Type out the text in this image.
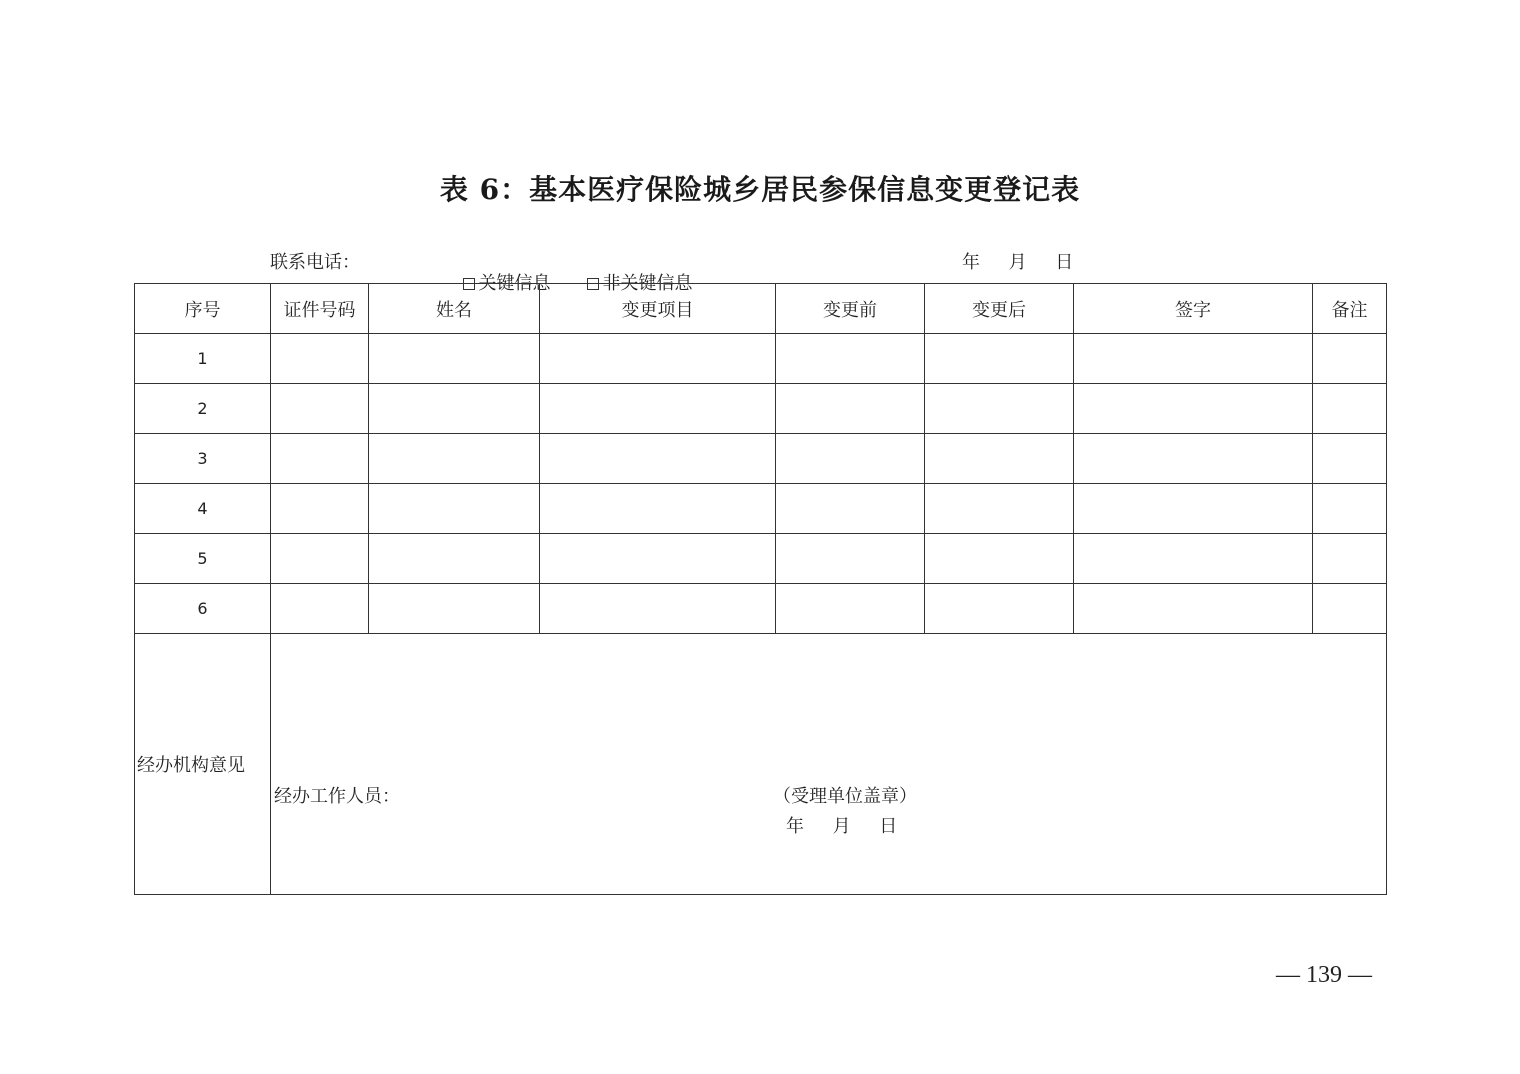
表 6：基本医疗保险城乡居民参保信息变更登记表
联系电话：

关键信息	非关键信息

年     月     日
序号	证件号码	姓名	变更项目	变更前	变更后	签字	备注
1							
2							
3							
4							
5							
6							
经办机构意见	经办工作人员： （受理单位盖章）
年     月     日						
— 139 —
